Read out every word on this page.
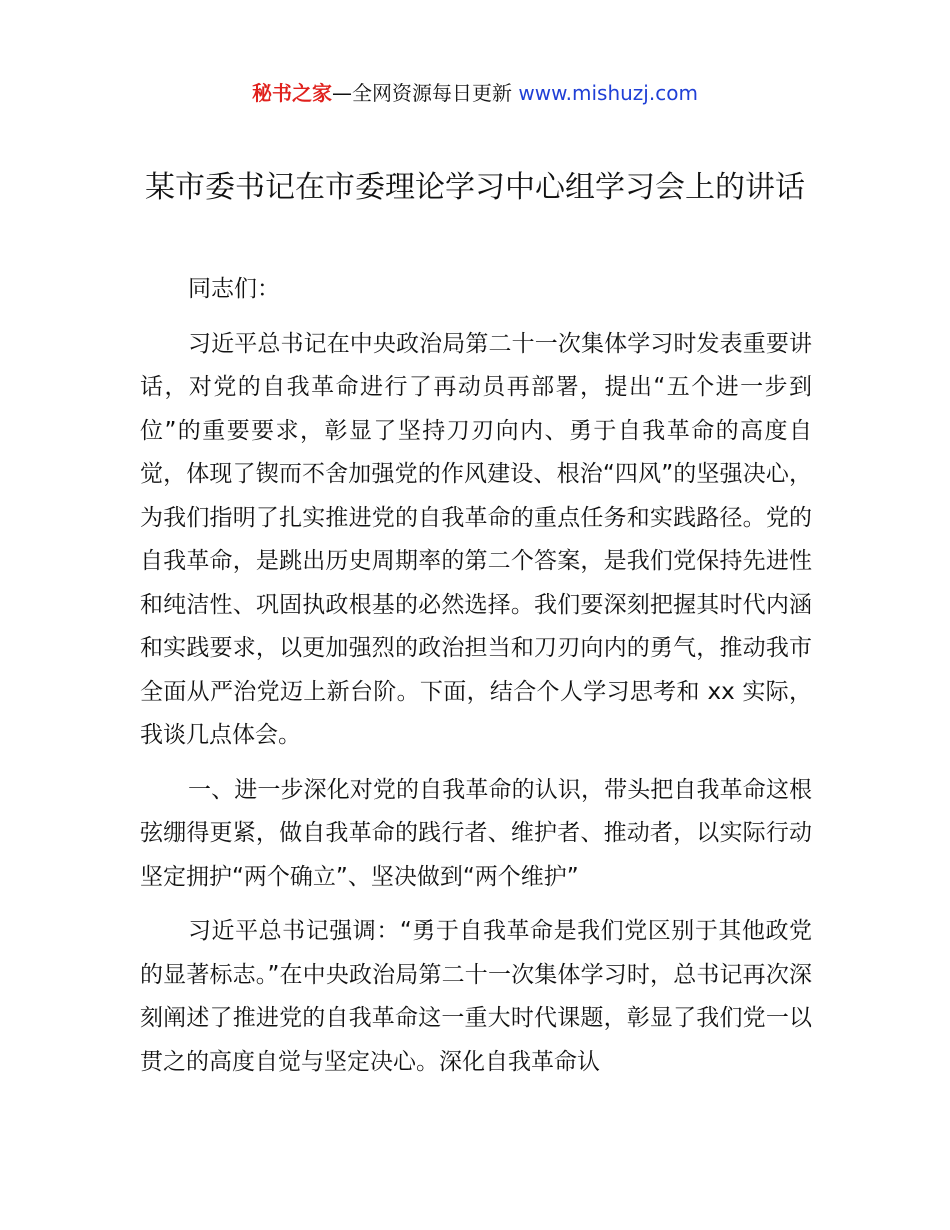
秘书之家—全网资源每日更新 www.mishuzj.com
某市委书记在市委理论学习中心组学习会上的讲话

同志们：

习近平总书记在中央政治局第二十一次集体学习时发表重要讲话，对党的自我革命进行了再动员再部署，提出“五个进一步到位”的重要要求，彰显了坚持刀刃向内、勇于自我革命的高度自觉，体现了锲而不舍加强党的作风建设、根治“四风”的坚强决心，为我们指明了扎实推进党的自我革命的重点任务和实践路径。党的自我革命，是跳出历史周期率的第二个答案，是我们党保持先进性和纯洁性、巩固执政根基的必然选择。我们要深刻把握其时代内涵和实践要求，以更加强烈的政治担当和刀刃向内的勇气，推动我市全面从严治党迈上新台阶。下面，结合个人学习思考和 xx 实际，我谈几点体会。

一、进一步深化对党的自我革命的认识，带头把自我革命这根弦绷得更紧，做自我革命的践行者、维护者、推动者，以实际行动坚定拥护“两个确立”、坚决做到“两个维护”

习近平总书记强调：“勇于自我革命是我们党区别于其他政党的显著标志。”在中央政治局第二十一次集体学习时，总书记再次深刻阐述了推进党的自我革命这一重大时代课题，彰显了我们党一以贯之的高度自觉与坚定决心。深化自我革命认
